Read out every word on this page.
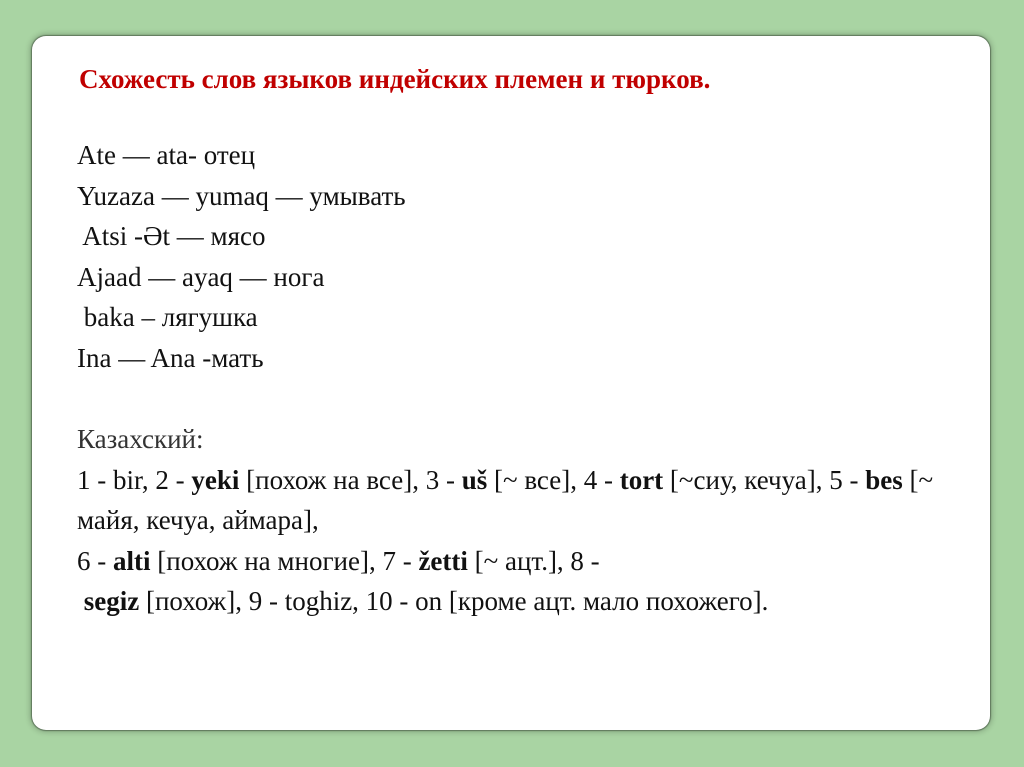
Схожесть слов языков индейских племен и тюрков.
Ate — ata- отец
Yuzaza — yumaq — умывать
Atsi -Ət — мясо
Ajaad — ayaq — нога
baka – лягушка
Ina — Ana -мать
Казахский:
1 - bir, 2 - yeki [похож на все], 3 - uš [~ все], 4 - tort [~сиу, кечуа], 5 - bes [~ майя, кечуа, аймара],
6 - alti [похож на многие], 7 - žetti [~ ацт.], 8 -
segiz [похож], 9 - toghiz, 10 - on [кроме ацт. мало похожего].
